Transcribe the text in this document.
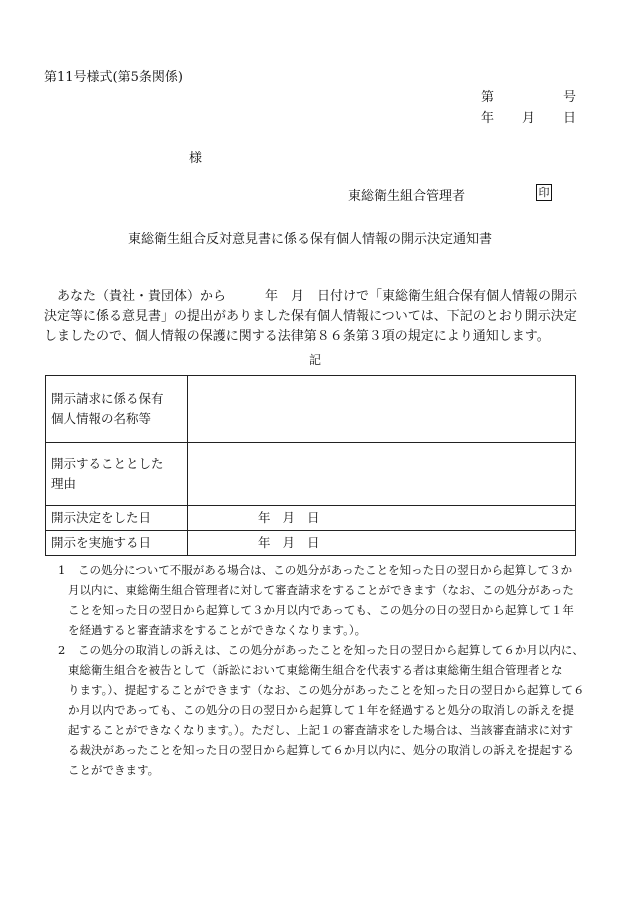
第11号様式(第5条関係)
第	号
年 月 日
様
東総衛生組合管理者	印
東総衛生組合反対意見書に係る保有個人情報の開示決定通知書
あなた（貴社・貴団体）から　　　年　月　日付けで「東総衛生組合保有個人情報の開示
決定等に係る意見書」の提出がありました保有個人情報については、下記のとおり開示決定
しましたので、個人情報の保護に関する法律第８６条第３項の規定により通知します。
記
開示請求に係る保有
個人情報の名称等	

開示することとした
理由	

開示決定をした日	年 月 日
開示を実施する日	年 月 日
1	この処分について不服がある場合は、この処分があったことを知った日の翌日から起算して３か
月以内に、東総衛生組合管理者に対して審査請求をすることができます（なお、この処分があった
ことを知った日の翌日から起算して３か月以内であっても、この処分の日の翌日から起算して１年
を経過すると審査請求をすることができなくなります。）。
2	この処分の取消しの訴えは、この処分があったことを知った日の翌日から起算して６か月以内に、
東総衛生組合を被告として（訴訟において東総衛生組合を代表する者は東総衛生組合管理者とな
ります。）、提起することができます（なお、この処分があったことを知った日の翌日から起算して６
か月以内であっても、この処分の日の翌日から起算して１年を経過すると処分の取消しの訴えを提
起することができなくなります。）。ただし、上記１の審査請求をした場合は、当該審査請求に対す
る裁決があったことを知った日の翌日から起算して６か月以内に、処分の取消しの訴えを提起する
ことができます。
